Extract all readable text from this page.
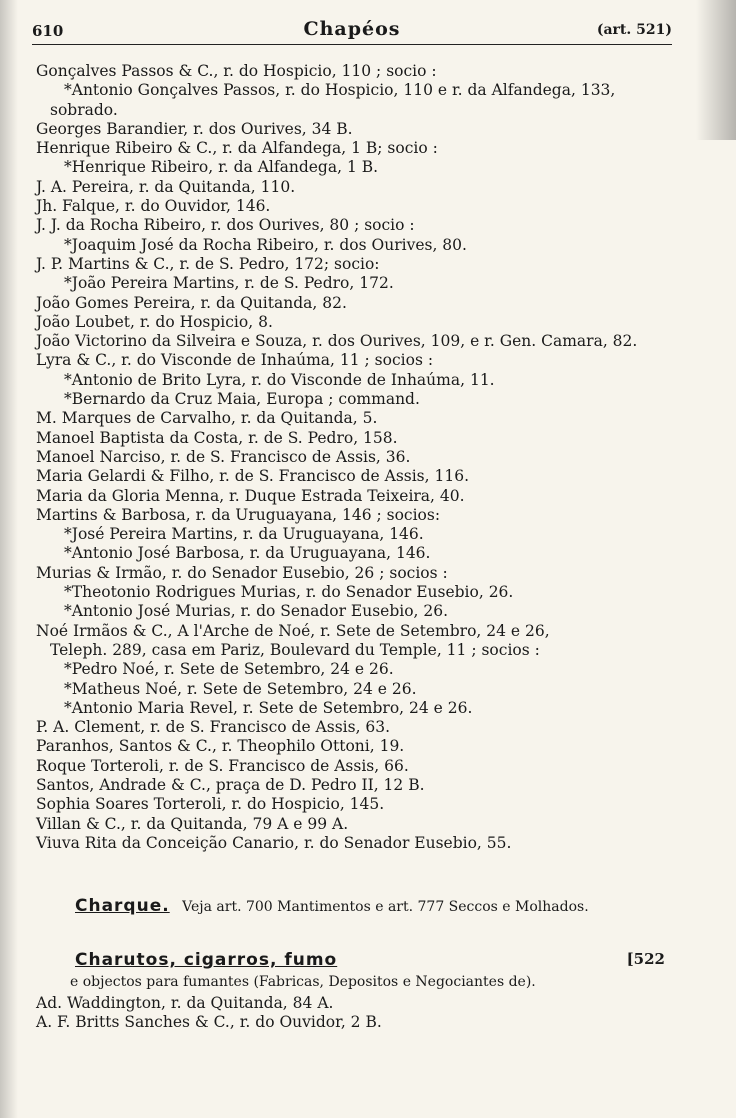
610	Chapéos	(art. 521)
Gonçalves Passos & C., r. do Hospicio, 110 ; socio :
*Antonio Gonçalves Passos, r. do Hospicio, 110 e r. da Alfandega, 133,
sobrado.
Georges Barandier, r. dos Ourives, 34 B.
Henrique Ribeiro & C., r. da Alfandega, 1 B; socio :
*Henrique Ribeiro, r. da Alfandega, 1 B.
J. A. Pereira, r. da Quitanda, 110.
Jh. Falque, r. do Ouvidor, 146.
J. J. da Rocha Ribeiro, r. dos Ourives, 80 ; socio :
*Joaquim José da Rocha Ribeiro, r. dos Ourives, 80.
J. P. Martins & C., r. de S. Pedro, 172; socio:
*João Pereira Martins, r. de S. Pedro, 172.
João Gomes Pereira, r. da Quitanda, 82.
João Loubet, r. do Hospicio, 8.
João Victorino da Silveira e Souza, r. dos Ourives, 109, e r. Gen. Camara, 82.
Lyra & C., r. do Visconde de Inhaúma, 11 ; socios :
*Antonio de Brito Lyra, r. do Visconde de Inhaúma, 11.
*Bernardo da Cruz Maia, Europa ; command.
M. Marques de Carvalho, r. da Quitanda, 5.
Manoel Baptista da Costa, r. de S. Pedro, 158.
Manoel Narciso, r. de S. Francisco de Assis, 36.
Maria Gelardi & Filho, r. de S. Francisco de Assis, 116.
Maria da Gloria Menna, r. Duque Estrada Teixeira, 40.
Martins & Barbosa, r. da Uruguayana, 146 ; socios:
*José Pereira Martins, r. da Uruguayana, 146.
*Antonio José Barbosa, r. da Uruguayana, 146.
Murias & Irmão, r. do Senador Eusebio, 26 ; socios :
*Theotonio Rodrigues Murias, r. do Senador Eusebio, 26.
*Antonio José Murias, r. do Senador Eusebio, 26.
Noé Irmãos & C., A l'Arche de Noé, r. Sete de Setembro, 24 e 26,
Teleph. 289, casa em Pariz, Boulevard du Temple, 11 ; socios :
*Pedro Noé, r. Sete de Setembro, 24 e 26.
*Matheus Noé, r. Sete de Setembro, 24 e 26.
*Antonio Maria Revel, r. Sete de Setembro, 24 e 26.
P. A. Clement, r. de S. Francisco de Assis, 63.
Paranhos, Santos & C., r. Theophilo Ottoni, 19.
Roque Torteroli, r. de S. Francisco de Assis, 66.
Santos, Andrade & C., praça de D. Pedro II, 12 B.
Sophia Soares Torteroli, r. do Hospicio, 145.
Villan & C., r. da Quitanda, 79 A e 99 A.
Viuva Rita da Conceição Canario, r. do Senador Eusebio, 55.
Charque. Veja art. 700 Mantimentos e art. 777 Seccos e Molhados.
Charutos, cigarros, fumo	[522
e objectos para fumantes (Fabricas, Depositos e Negociantes de).
Ad. Waddington, r. da Quitanda, 84 A.
A. F. Britts Sanches & C., r. do Ouvidor, 2 B.
